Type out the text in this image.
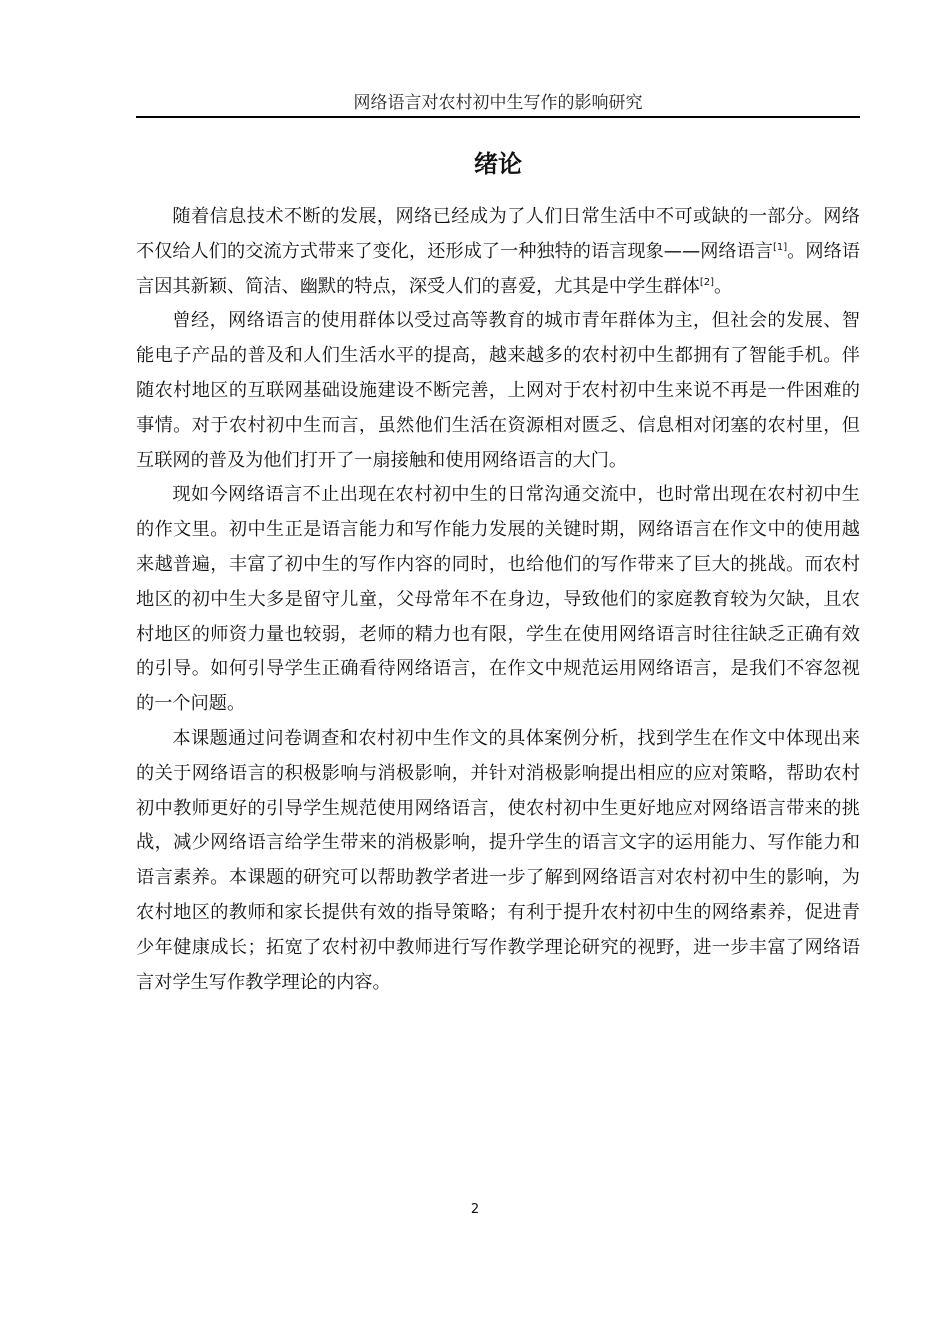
网络语言对农村初中生写作的影响研究
绪论

随着信息技术不断的发展，网络已经成为了人们日常生活中不可或缺的一部分。网络不仅给人们的交流方式带来了变化，还形成了一种独特的语言现象——网络语言[1]。网络语言因其新颖、简洁、幽默的特点，深受人们的喜爱，尤其是中学生群体[2]。

曾经，网络语言的使用群体以受过高等教育的城市青年群体为主，但社会的发展、智能电子产品的普及和人们生活水平的提高，越来越多的农村初中生都拥有了智能手机。伴随农村地区的互联网基础设施建设不断完善，上网对于农村初中生来说不再是一件困难的事情。对于农村初中生而言，虽然他们生活在资源相对匮乏、信息相对闭塞的农村里，但互联网的普及为他们打开了一扇接触和使用网络语言的大门。

现如今网络语言不止出现在农村初中生的日常沟通交流中，也时常出现在农村初中生的作文里。初中生正是语言能力和写作能力发展的关键时期，网络语言在作文中的使用越来越普遍，丰富了初中生的写作内容的同时，也给他们的写作带来了巨大的挑战。而农村地区的初中生大多是留守儿童，父母常年不在身边，导致他们的家庭教育较为欠缺，且农村地区的师资力量也较弱，老师的精力也有限，学生在使用网络语言时往往缺乏正确有效的引导。如何引导学生正确看待网络语言，在作文中规范运用网络语言，是我们不容忽视的一个问题。

本课题通过问卷调查和农村初中生作文的具体案例分析，找到学生在作文中体现出来的关于网络语言的积极影响与消极影响，并针对消极影响提出相应的应对策略，帮助农村初中教师更好的引导学生规范使用网络语言，使农村初中生更好地应对网络语言带来的挑战，减少网络语言给学生带来的消极影响，提升学生的语言文字的运用能力、写作能力和语言素养。本课题的研究可以帮助教学者进一步了解到网络语言对农村初中生的影响，为农村地区的教师和家长提供有效的指导策略；有利于提升农村初中生的网络素养，促进青少年健康成长；拓宽了农村初中教师进行写作教学理论研究的视野，进一步丰富了网络语言对学生写作教学理论的内容。

2
